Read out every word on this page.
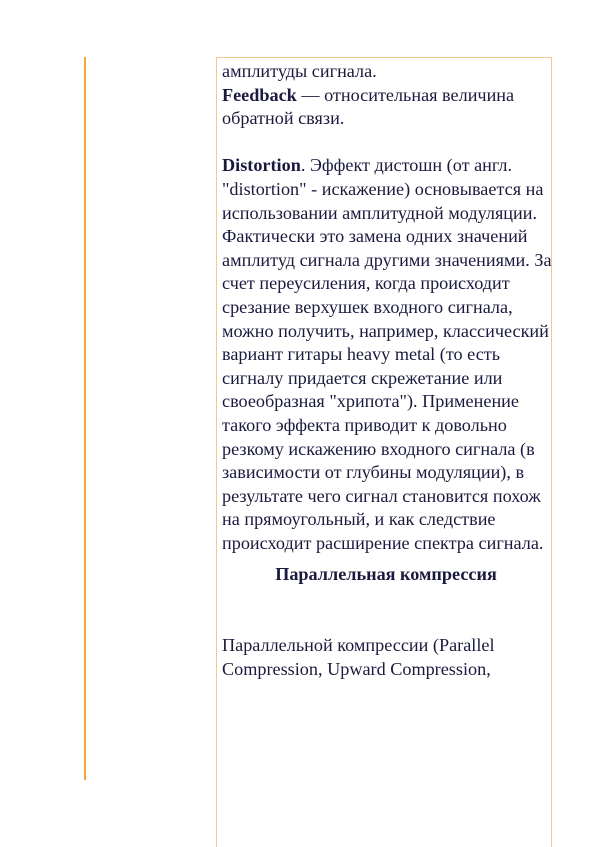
амплитуды сигнала.
Feedback — относительная величина обратной связи.

Distortion. Эффект дистошн (от англ. "distortion" - искажение) основывается на использовании амплитудной модуляции. Фактически это замена одних значений амплитуд сигнала другими значениями. За счет переусиления, когда происходит срезание верхушек входного сигнала, можно получить, например, классический вариант гитары heavy metal (то есть сигналу придается скрежетание или своеобразная "хрипота"). Применение такого эффекта приводит к довольно резкому искажению входного сигнала (в зависимости от глубины модуляции), в результате чего сигнал становится похож на прямоугольный, и как следствие происходит расширение спектра сигнала.

Параллельная компрессия

Параллельной компрессии (Parallel Compression, Upward Compression,
